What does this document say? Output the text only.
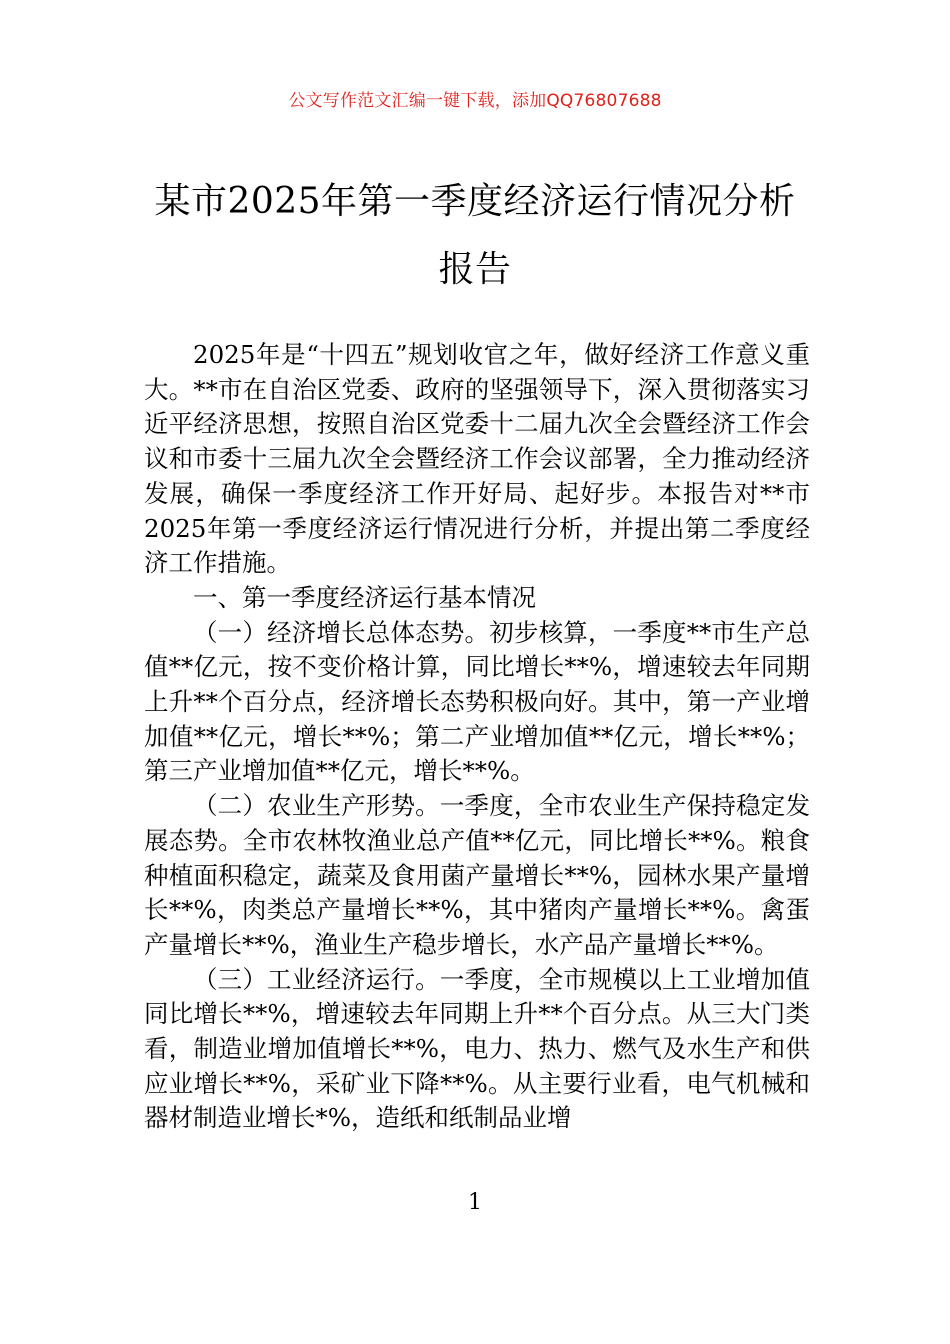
公文写作范文汇编一键下载，添加QQ76807688
某市2025年第一季度经济运行情况分析报告

2025年是“十四五”规划收官之年，做好经济工作意义重大。**市在自治区党委、政府的坚强领导下，深入贯彻落实习近平经济思想，按照自治区党委十二届九次全会暨经济工作会议和市委十三届九次全会暨经济工作会议部署，全力推动经济发展，确保一季度经济工作开好局、起好步。本报告对**市2025年第一季度经济运行情况进行分析，并提出第二季度经济工作措施。

一、第一季度经济运行基本情况

（一）经济增长总体态势。初步核算，一季度**市生产总值**亿元，按不变价格计算，同比增长**%，增速较去年同期上升**个百分点，经济增长态势积极向好。其中，第一产业增加值**亿元，增长**%；第二产业增加值**亿元，增长**%；第三产业增加值**亿元，增长**%。

（二）农业生产形势。一季度，全市农业生产保持稳定发展态势。全市农林牧渔业总产值**亿元，同比增长**%。粮食种植面积稳定，蔬菜及食用菌产量增长**%，园林水果产量增长**%，肉类总产量增长**%，其中猪肉产量增长**%。禽蛋产量增长**%，渔业生产稳步增长，水产品产量增长**%。

（三）工业经济运行。一季度，全市规模以上工业增加值同比增长**%，增速较去年同期上升**个百分点。从三大门类看，制造业增加值增长**%，电力、热力、燃气及水生产和供应业增长**%，采矿业下降**%。从主要行业看，电气机械和器材制造业增长*%，造纸和纸制品业增

1
